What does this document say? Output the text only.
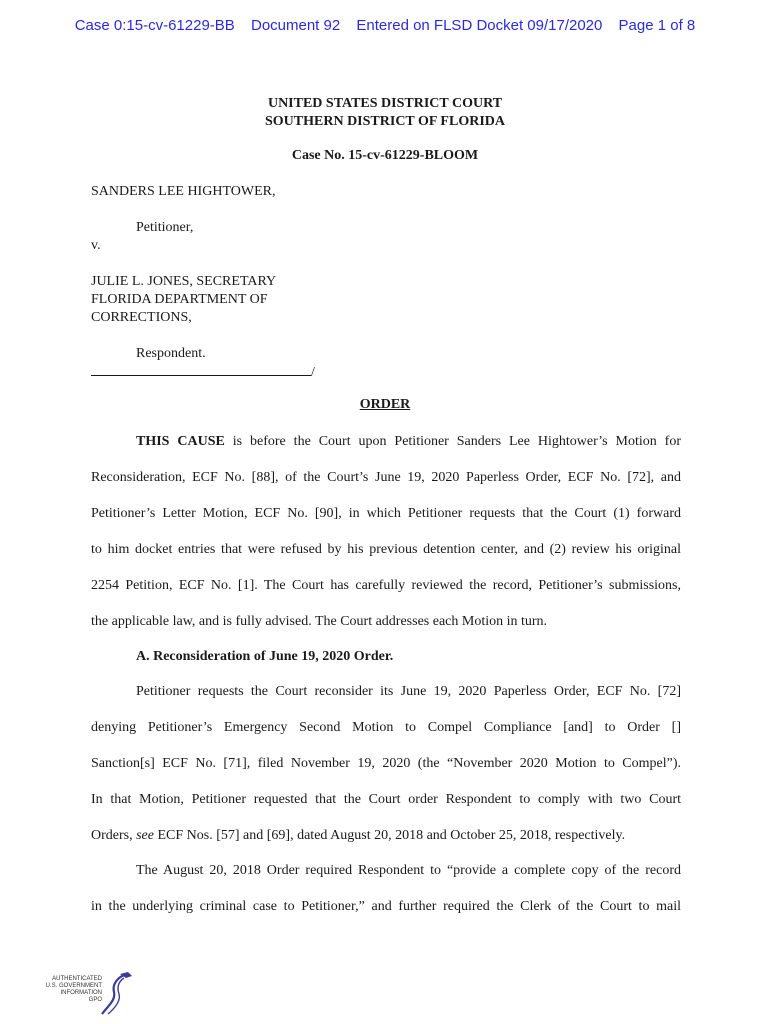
Case 0:15-cv-61229-BB Document 92 Entered on FLSD Docket 09/17/2020 Page 1 of 8
UNITED STATES DISTRICT COURT
SOUTHERN DISTRICT OF FLORIDA
Case No. 15-cv-61229-BLOOM
SANDERS LEE HIGHTOWER,
Petitioner,
v.
JULIE L. JONES, SECRETARY
FLORIDA DEPARTMENT OF
CORRECTIONS,
Respondent.
/
ORDER
THIS CAUSE is before the Court upon Petitioner Sanders Lee Hightower’s Motion for
Reconsideration, ECF No. [88], of the Court’s June 19, 2020 Paperless Order, ECF No. [72], and
Petitioner’s Letter Motion, ECF No. [90], in which Petitioner requests that the Court (1) forward
to him docket entries that were refused by his previous detention center, and (2) review his original
2254 Petition, ECF No. [1]. The Court has carefully reviewed the record, Petitioner’s submissions,
the applicable law, and is fully advised. The Court addresses each Motion in turn.
A. Reconsideration of June 19, 2020 Order.
Petitioner requests the Court reconsider its June 19, 2020 Paperless Order, ECF No. [72]
denying Petitioner’s Emergency Second Motion to Compel Compliance [and] to Order []
Sanction[s] ECF No. [71], filed November 19, 2020 (the “November 2020 Motion to Compel”).
In that Motion, Petitioner requested that the Court order Respondent to comply with two Court
Orders, see ECF Nos. [57] and [69], dated August 20, 2018 and October 25, 2018, respectively.
The August 20, 2018 Order required Respondent to “provide a complete copy of the record
in the underlying criminal case to Petitioner,” and further required the Clerk of the Court to mail
AUTHENTICATED
U.S. GOVERNMENT
INFORMATION
GPO
